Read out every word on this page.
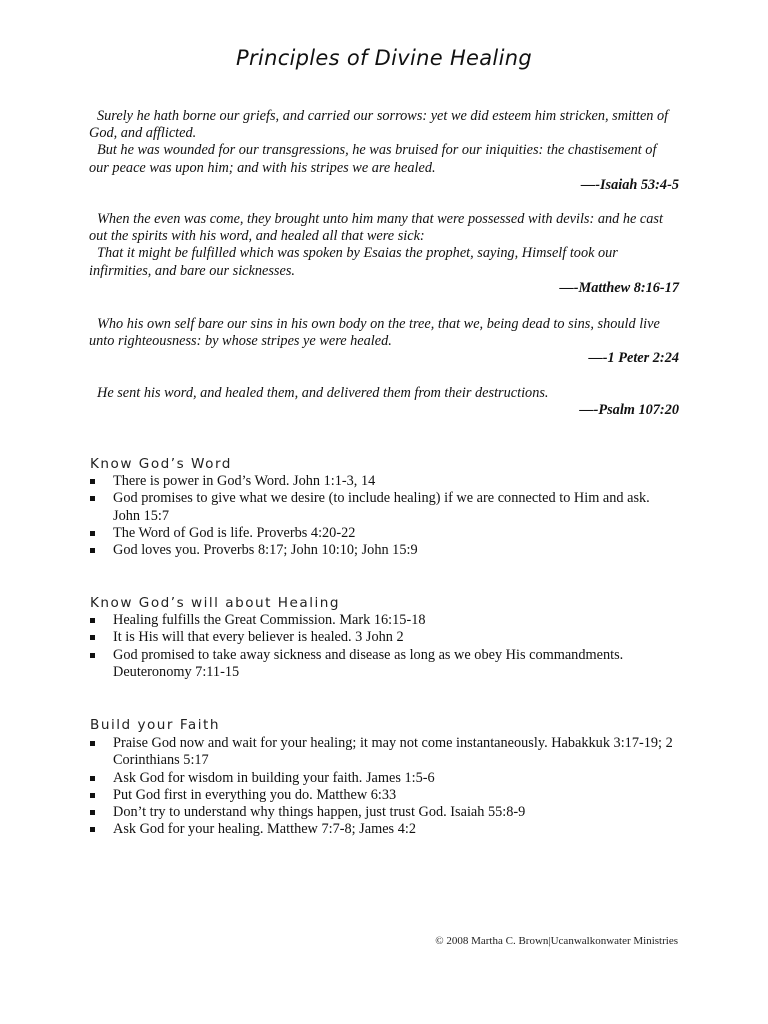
Principles of Divine Healing

Surely he hath borne our griefs, and carried our sorrows: yet we did esteem him stricken, smitten of God, and afflicted.

But he was wounded for our transgressions, he was bruised for our iniquities: the chastisement of our peace was upon him; and with his stripes we are healed.

—-Isaiah 53:4-5

When the even was come, they brought unto him many that were possessed with devils: and he cast out the spirits with his word, and healed all that were sick:

That it might be fulfilled which was spoken by Esaias the prophet, saying, Himself took our infirmities, and bare our sicknesses.

—-Matthew 8:16-17

Who his own self bare our sins in his own body on the tree, that we, being dead to sins, should live unto righteousness: by whose stripes ye were healed.

—-1 Peter 2:24

He sent his word, and healed them, and delivered them from their destructions.

—-Psalm 107:20

Know God’s Word
There is power in God’s Word. John 1:1-3, 14
God promises to give what we desire (to include healing) if we are connected to Him and ask. John 15:7
The Word of God is life. Proverbs 4:20-22
God loves you. Proverbs 8:17; John 10:10; John 15:9
Know God’s will about Healing
Healing fulfills the Great Commission. Mark 16:15-18
It is His will that every believer is healed. 3 John 2
God promised to take away sickness and disease as long as we obey His commandments. Deuteronomy 7:11-15
Build your Faith
Praise God now and wait for your healing; it may not come instantaneously. Habakkuk 3:17-19; 2 Corinthians 5:17
Ask God for wisdom in building your faith. James 1:5-6
Put God first in everything you do. Matthew 6:33
Don’t try to understand why things happen, just trust God. Isaiah 55:8-9
Ask God for your healing. Matthew 7:7-8; James 4:2
© 2008 Martha C. Brown|Ucanwalkonwater Ministries
